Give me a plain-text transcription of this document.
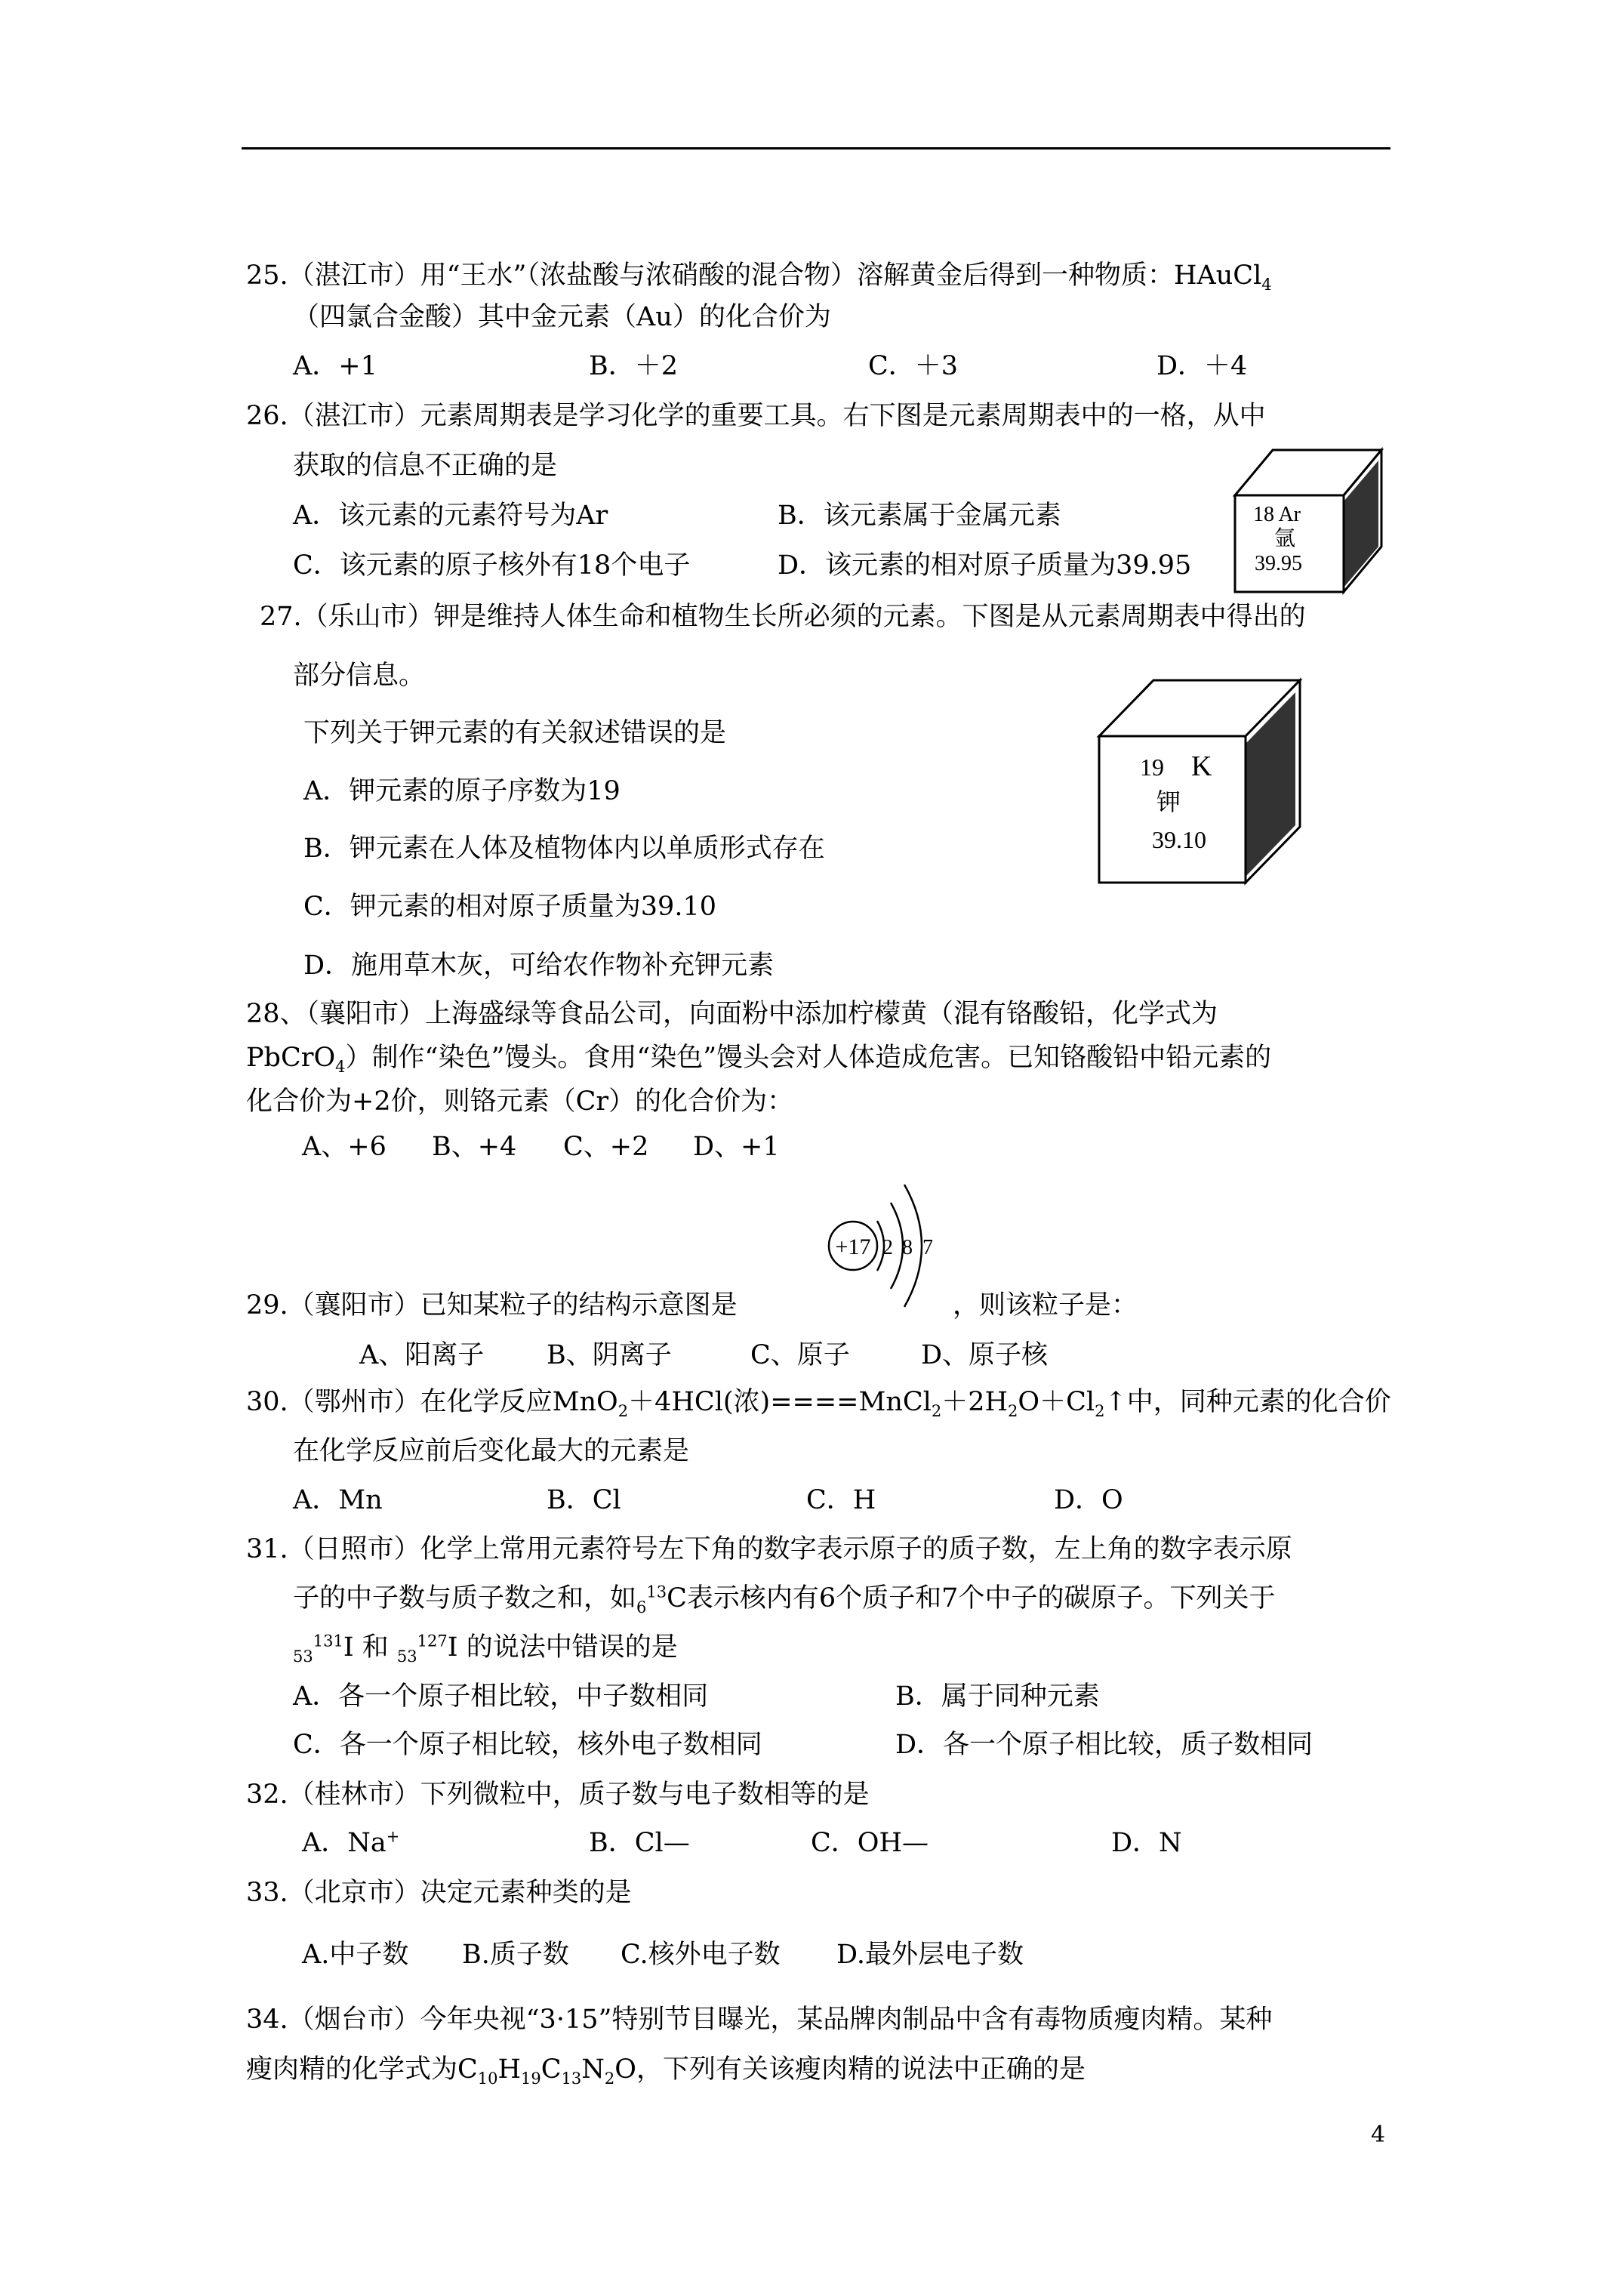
25.（湛江市）用“王水”（浓盐酸与浓硝酸的混合物）溶解黄金后得到一种物质：HAuCl$_4$
（四氯合金酸）其中金元素（Au）的化合价为
A．+1	B．＋2	C．＋3	D．＋4
26.（湛江市）元素周期表是学习化学的重要工具。右下图是元素周期表中的一格，从中
获取的信息不正确的是
A．该元素的元素符号为Ar	B．该元素属于金属元素
C．该元素的原子核外有18个电子	D．该元素的相对原子质量为39.95
18 Ar
氩
39.95
27.（乐山市）钾是维持人体生命和植物生长所必须的元素。下图是从元素周期表中得出的
部分信息。
下列关于钾元素的有关叙述错误的是
A．钾元素的原子序数为19
B．钾元素在人体及植物体内以单质形式存在
C．钾元素的相对原子质量为39.10
D．施用草木灰，可给农作物补充钾元素
19 K
钾
39.10
28、（襄阳市）上海盛绿等食品公司，向面粉中添加柠檬黄（混有铬酸铅，化学式为
PbCrO$_4$）制作“染色”馒头。食用“染色”馒头会对人体造成危害。已知铬酸铅中铅元素的
化合价为+2价，则铬元素（Cr）的化合价为：
A、+6 B、+4 C、+2 D、+1
+17 2 8 7
29.（襄阳市）已知某粒子的结构示意图是	，则该粒子是：
A、阳离子 B、阴离子	C、原子	D、原子核
30.（鄂州市）在化学反应MnO$_2$＋4HCl(浓)$====MnCl_2+2H_2O+Cl_2↑$中，同种元素的化合价
在化学反应前后变化最大的元素是
A．Mn	B．Cl	C．H	D．O
31.（日照市）化学上常用元素符号左下角的数字表示原子的质子数，左上角的数字表示原
子的中子数与质子数之和，如$_6^{13}$C表示核内有6个质子和7个中子的碳原子。下列关于
$_{53}^{131}$I 和 $_{53}^{127}$I 的说法中错误的是
A．各一个原子相比较，中子数相同	B．属于同种元素
C．各一个原子相比较，核外电子数相同	D．各一个原子相比较，质子数相同
32.（桂林市）下列微粒中，质子数与电子数相等的是
A．Na+	B．Cl—	C．OH—	D．N
33.（北京市）决定元素种类的是
A.中子数 B.质子数 C.核外电子数 D.最外层电子数
34.（烟台市）今年央视“3·15”特别节目曝光，某品牌肉制品中含有毒物质瘦肉精。某种
瘦肉精的化学式为$C_{10}H_{19}C_{13}N_2O$，下列有关该瘦肉精的说法中正确的是
4
